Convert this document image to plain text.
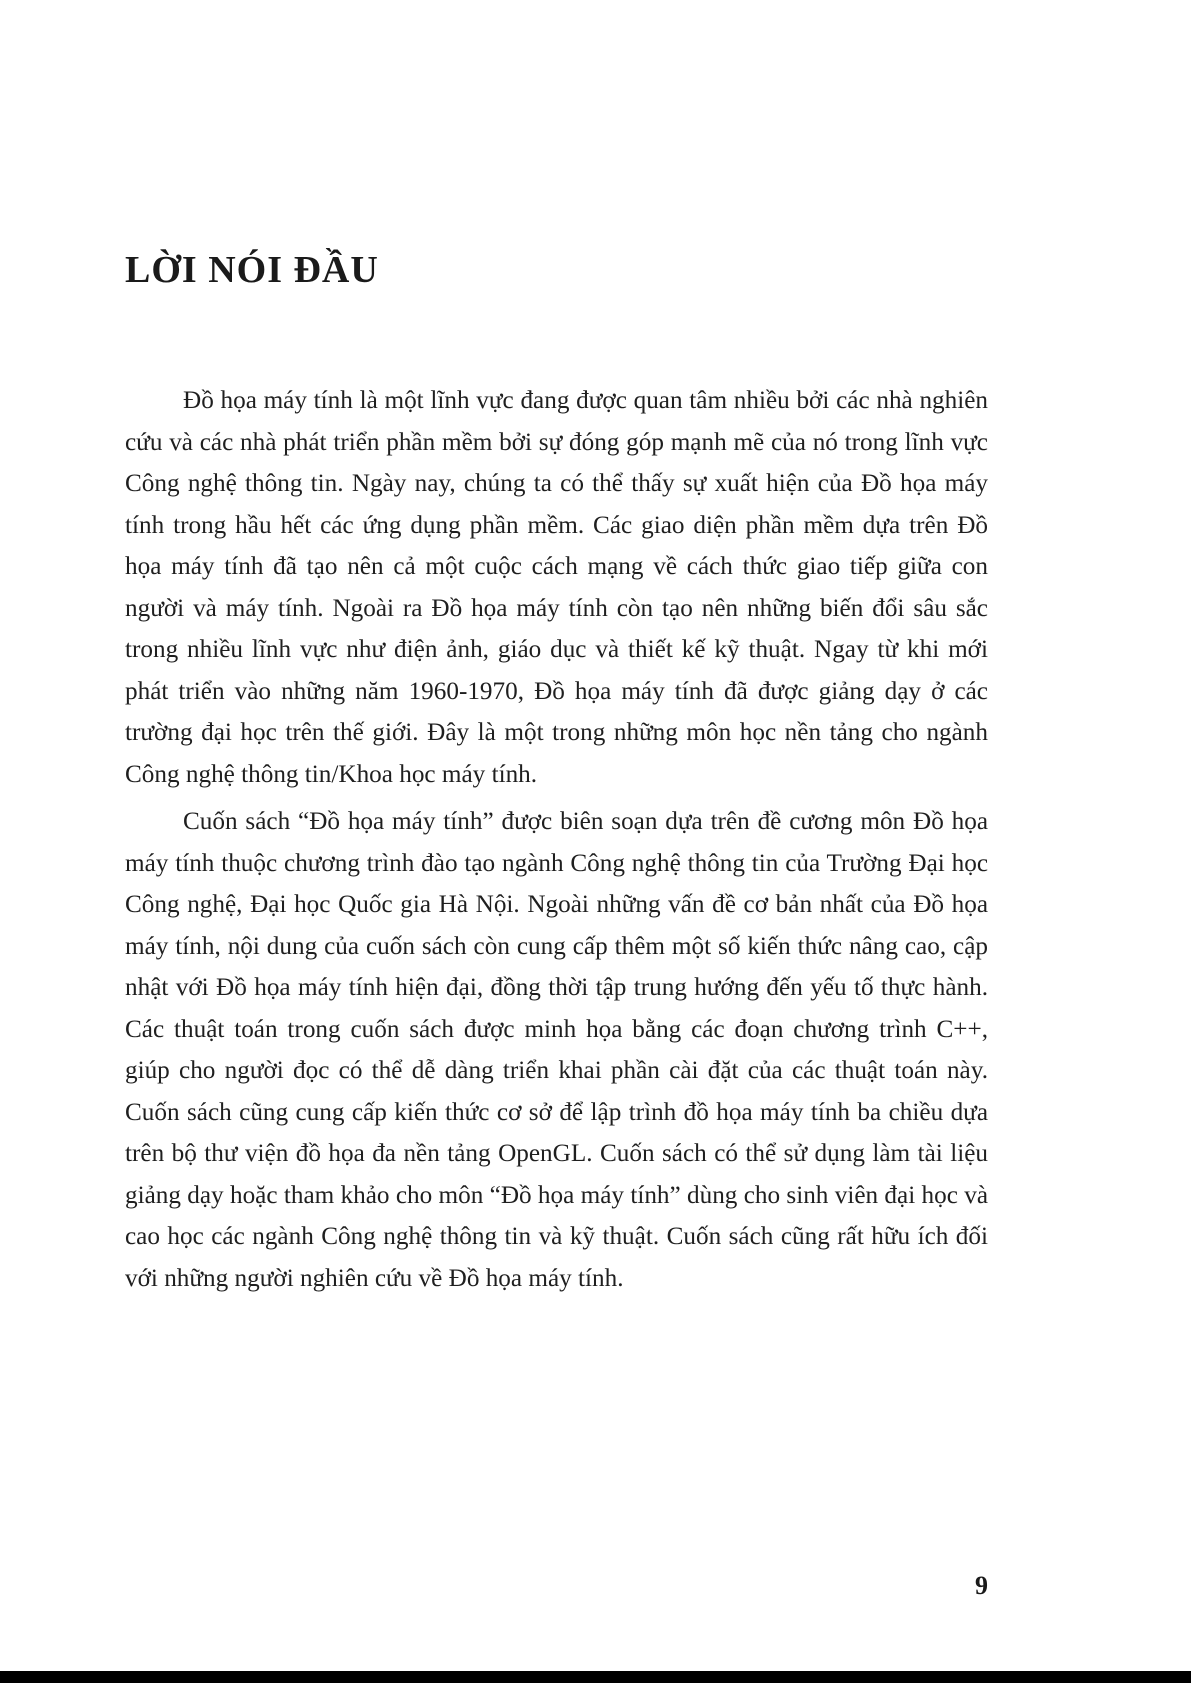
LỜI NÓI ĐẦU

Đồ họa máy tính là một lĩnh vực đang được quan tâm nhiều bởi các nhà nghiên cứu và các nhà phát triển phần mềm bởi sự đóng góp mạnh mẽ của nó trong lĩnh vực Công nghệ thông tin. Ngày nay, chúng ta có thể thấy sự xuất hiện của Đồ họa máy tính trong hầu hết các ứng dụng phần mềm. Các giao diện phần mềm dựa trên Đồ họa máy tính đã tạo nên cả một cuộc cách mạng về cách thức giao tiếp giữa con người và máy tính. Ngoài ra Đồ họa máy tính còn tạo nên những biến đổi sâu sắc trong nhiều lĩnh vực như điện ảnh, giáo dục và thiết kế kỹ thuật. Ngay từ khi mới phát triển vào những năm 1960-1970, Đồ họa máy tính đã được giảng dạy ở các trường đại học trên thế giới. Đây là một trong những môn học nền tảng cho ngành Công nghệ thông tin/Khoa học máy tính.

Cuốn sách “Đồ họa máy tính” được biên soạn dựa trên đề cương môn Đồ họa máy tính thuộc chương trình đào tạo ngành Công nghệ thông tin của Trường Đại học Công nghệ, Đại học Quốc gia Hà Nội. Ngoài những vấn đề cơ bản nhất của Đồ họa máy tính, nội dung của cuốn sách còn cung cấp thêm một số kiến thức nâng cao, cập nhật với Đồ họa máy tính hiện đại, đồng thời tập trung hướng đến yếu tố thực hành. Các thuật toán trong cuốn sách được minh họa bằng các đoạn chương trình C++, giúp cho người đọc có thể dễ dàng triển khai phần cài đặt của các thuật toán này. Cuốn sách cũng cung cấp kiến thức cơ sở để lập trình đồ họa máy tính ba chiều dựa trên bộ thư viện đồ họa đa nền tảng OpenGL. Cuốn sách có thể sử dụng làm tài liệu giảng dạy hoặc tham khảo cho môn “Đồ họa máy tính” dùng cho sinh viên đại học và cao học các ngành Công nghệ thông tin và kỹ thuật. Cuốn sách cũng rất hữu ích đối với những người nghiên cứu về Đồ họa máy tính.

9
